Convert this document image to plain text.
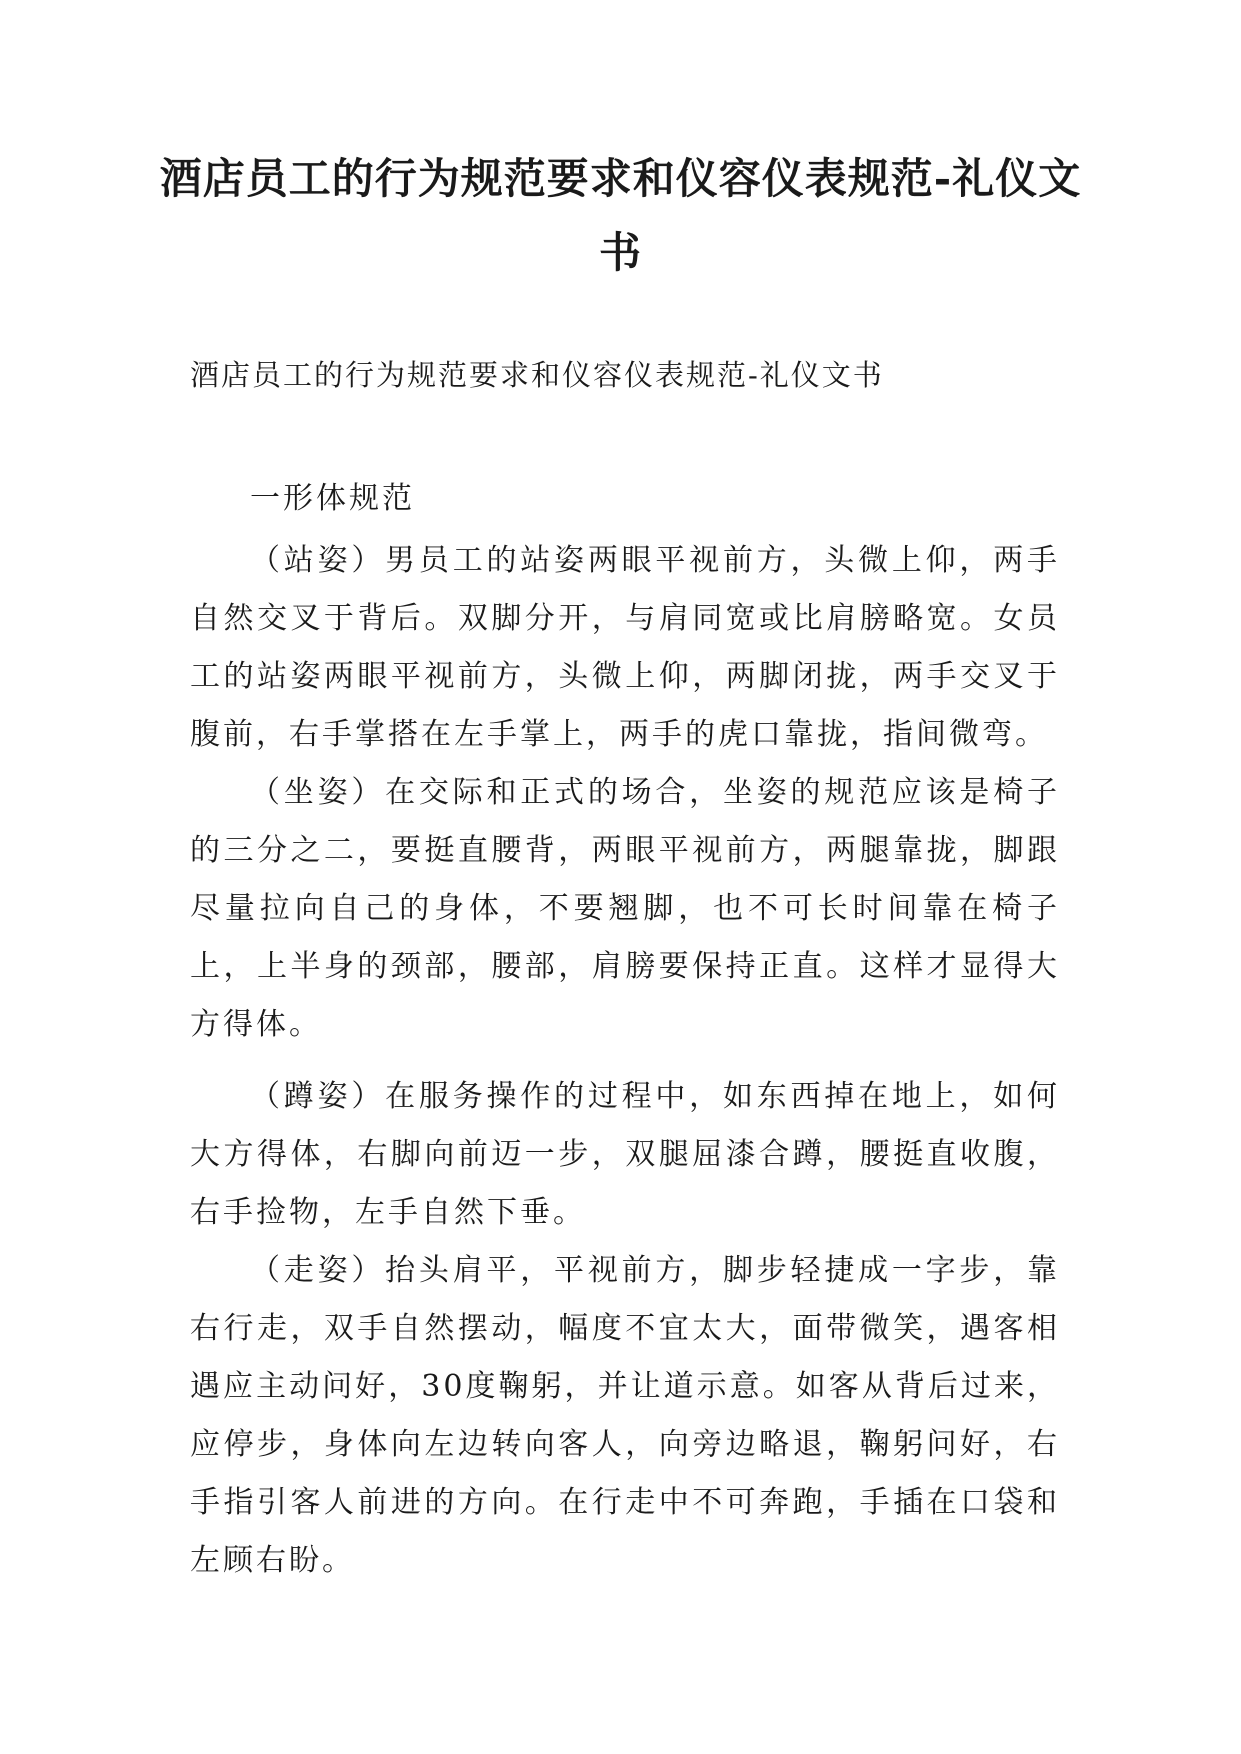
酒店员工的行为规范要求和仪容仪表规范-礼仪文书

酒店员工的行为规范要求和仪容仪表规范-礼仪文书

一形体规范

（站姿）男员工的站姿两眼平视前方，头微上仰，两手自然交叉于背后。双脚分开，与肩同宽或比肩膀略宽。女员工的站姿两眼平视前方，头微上仰，两脚闭拢，两手交叉于腹前，右手掌搭在左手掌上，两手的虎口靠拢，指间微弯。

（坐姿）在交际和正式的场合，坐姿的规范应该是椅子的三分之二，要挺直腰背，两眼平视前方，两腿靠拢，脚跟尽量拉向自己的身体，不要翘脚，也不可长时间靠在椅子上，上半身的颈部，腰部，肩膀要保持正直。这样才显得大方得体。

（蹲姿）在服务操作的过程中，如东西掉在地上，如何大方得体，右脚向前迈一步，双腿屈漆合蹲，腰挺直收腹，右手捡物，左手自然下垂。

（走姿）抬头肩平，平视前方，脚步轻捷成一字步，靠右行走，双手自然摆动，幅度不宜太大，面带微笑，遇客相遇应主动问好，30度鞠躬，并让道示意。如客从背后过来，应停步，身体向左边转向客人，向旁边略退，鞠躬问好，右手指引客人前进的方向。在行走中不可奔跑，手插在口袋和左顾右盼。
